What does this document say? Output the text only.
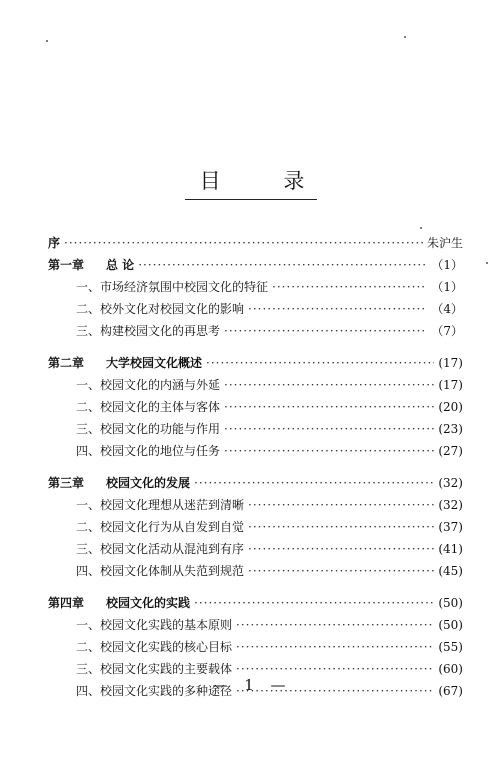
目 录
序 ·····	朱沪生
第一章 总 论 ·····	（1）
一、市场经济氛围中校园文化的特征 ·····	（1）
二、校外文化对校园文化的影响 ·····	（4）
三、构建校园文化的再思考 ·····	（7）
第二章 大学校园文化概述 ·····	(17)
一、校园文化的内涵与外延 ·····	(17)
二、校园文化的主体与客体 ·····	(20)
三、校园文化的功能与作用 ·····	(23)
四、校园文化的地位与任务 ·····	(27)
第三章 校园文化的发展 ·····	(32)
一、校园文化理想从迷茫到清晰 ·····	(32)
二、校园文化行为从自发到自觉 ·····	(37)
三、校园文化活动从混沌到有序 ·····	(41)
四、校园文化体制从失范到规范 ·····	(45)
第四章 校园文化的实践 ·····	(50)
一、校园文化实践的基本原则 ·····	(50)
二、校园文化实践的核心目标 ·····	(55)
三、校园文化实践的主要载体 ·····	(60)
四、校园文化实践的多种途径 ·····	(67)
— 1 —
